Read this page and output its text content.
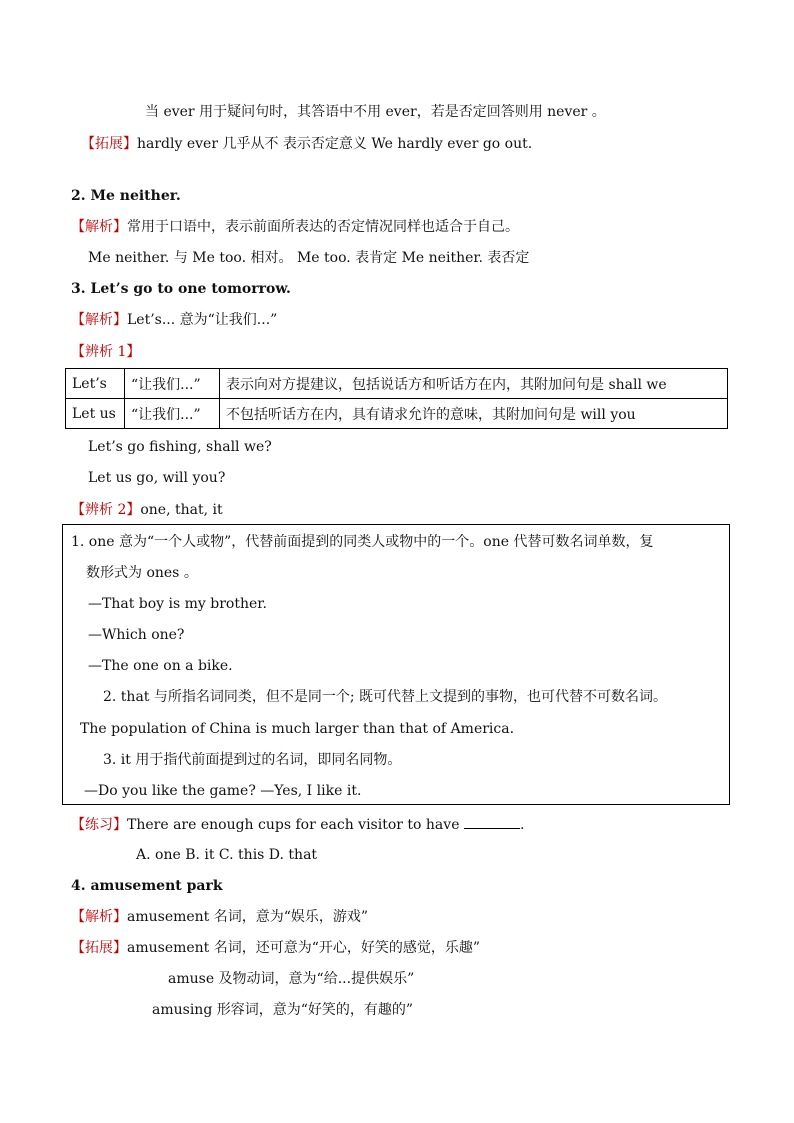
当 ever 用于疑问句时，其答语中不用 ever，若是否定回答则用 never 。
【拓展】hardly ever 几乎从不 表示否定意义 We hardly ever go out.
2. Me neither.
【解析】常用于口语中，表示前面所表达的否定情况同样也适合于自己。
Me neither. 与 Me too. 相对。 Me too. 表肯定 Me neither. 表否定
3. Let’s go to one tomorrow.
【解析】Let’s... 意为“让我们...”
【辨析 1】
Let’s	“让我们...”	表示向对方提建议，包括说话方和听话方在内，其附加问句是 shall we
Let us	“让我们...”	不包括听话方在内，具有请求允许的意味，其附加问句是 will you
Let’s go fishing, shall we?
Let us go, will you?
【辨析 2】one, that, it
1. one 意为“一个人或物”，代替前面提到的同类人或物中的一个。one 代替可数名词单数，复
数形式为 ones 。
—That boy is my brother.
—Which one?
—The one on a bike.
2. that 与所指名词同类，但不是同一个; 既可代替上文提到的事物，也可代替不可数名词。
The population of China is much larger than that of America.
3. it 用于指代前面提到过的名词，即同名同物。
—Do you like the game? —Yes, I like it.
【练习】There are enough cups for each visitor to have	.
A. one B. it C. this D. that
4. amusement park
【解析】amusement 名词，意为“娱乐，游戏”
【拓展】amusement 名词，还可意为“开心，好笑的感觉，乐趣”
amuse 及物动词，意为“给...提供娱乐”
amusing 形容词，意为“好笑的，有趣的”
